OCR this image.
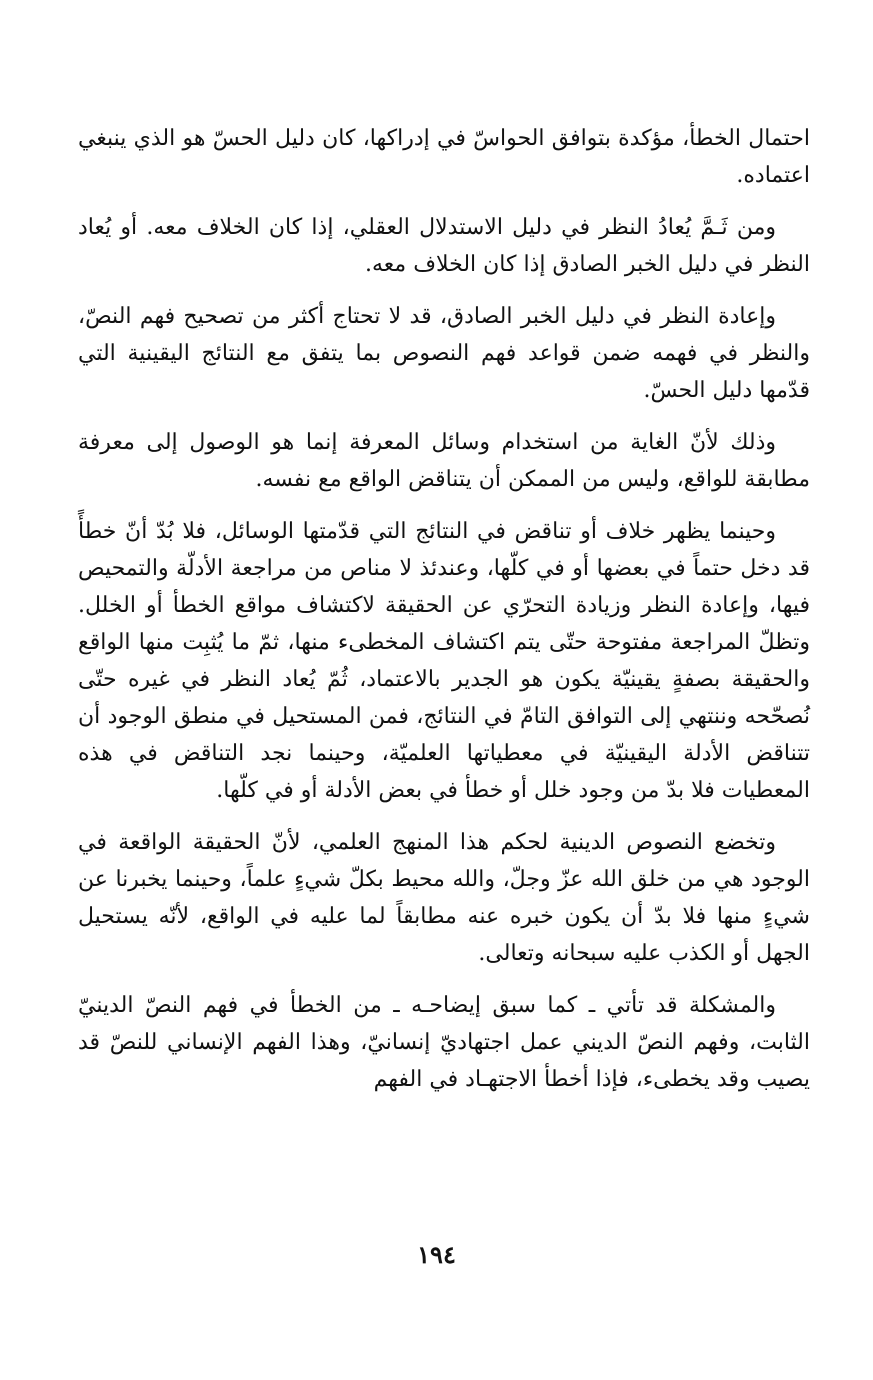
احتمال الخطأ، مؤكدة بتوافق الحواسّ في إدراكها، كان دليل الحسّ هو الذي ينبغي اعتماده.

ومن ثَـمَّ يُعادُ النظر في دليل الاستدلال العقلي، إذا كان الخلاف معه. أو يُعاد النظر في دليل الخبر الصادق إذا كان الخلاف معه.

وإعادة النظر في دليل الخبر الصادق، قد لا تحتاج أكثر من تصحيح فهم النصّ، والنظر في فهمه ضمن قواعد فهم النصوص بما يتفق مع النتائج اليقينية التي قدّمها دليل الحسّ.

وذلك لأنّ الغاية من استخدام وسائل المعرفة إنما هو الوصول إلى معرفة مطابقة للواقع، وليس من الممكن أن يتناقض الواقع مع نفسه.

وحينما يظهر خلاف أو تناقض في النتائج التي قدّمتها الوسائل، فلا بُدّ أنّ خطأً قد دخل حتماً في بعضها أو في كلّها، وعندئذ لا مناص من مراجعة الأدلّة والتمحيص فيها، وإعادة النظر وزيادة التحرّي عن الحقيقة لاكتشاف مواقع الخطأ أو الخلل. وتظلّ المراجعة مفتوحة حتّى يتم اكتشاف المخطىء منها، ثمّ ما يُثبِت منها الواقع والحقيقة بصفةٍ يقينيّة يكون هو الجدير بالاعتماد، ثُمّ يُعاد النظر في غيره حتّى نُصحّحه وننتهي إلى التوافق التامّ في النتائج، فمن المستحيل في منطق الوجود أن تتناقض الأدلة اليقينيّة في معطياتها العلميّة، وحينما نجد التناقض في هذه المعطيات فلا بدّ من وجود خلل أو خطأ في بعض الأدلة أو في كلّها.

وتخضع النصوص الدينية لحكم هذا المنهج العلمي، لأنّ الحقيقة الواقعة في الوجود هي من خلق الله عزّ وجلّ، والله محيط بكلّ شيءٍ علماً، وحينما يخبرنا عن شيءٍ منها فلا بدّ أن يكون خبره عنه مطابقاً لما عليه في الواقع، لأنّه يستحيل الجهل أو الكذب عليه سبحانه وتعالى.

والمشكلة قد تأتي ـ كما سبق إيضاحـه ـ من الخطأ في فهم النصّ الدينيّ الثابت، وفهم النصّ الديني عمل اجتهاديّ إنسانيّ، وهذا الفهم الإنساني للنصّ قد يصيب وقد يخطىء، فإذا أخطأ الاجتهـاد في الفهم

١٩٤
